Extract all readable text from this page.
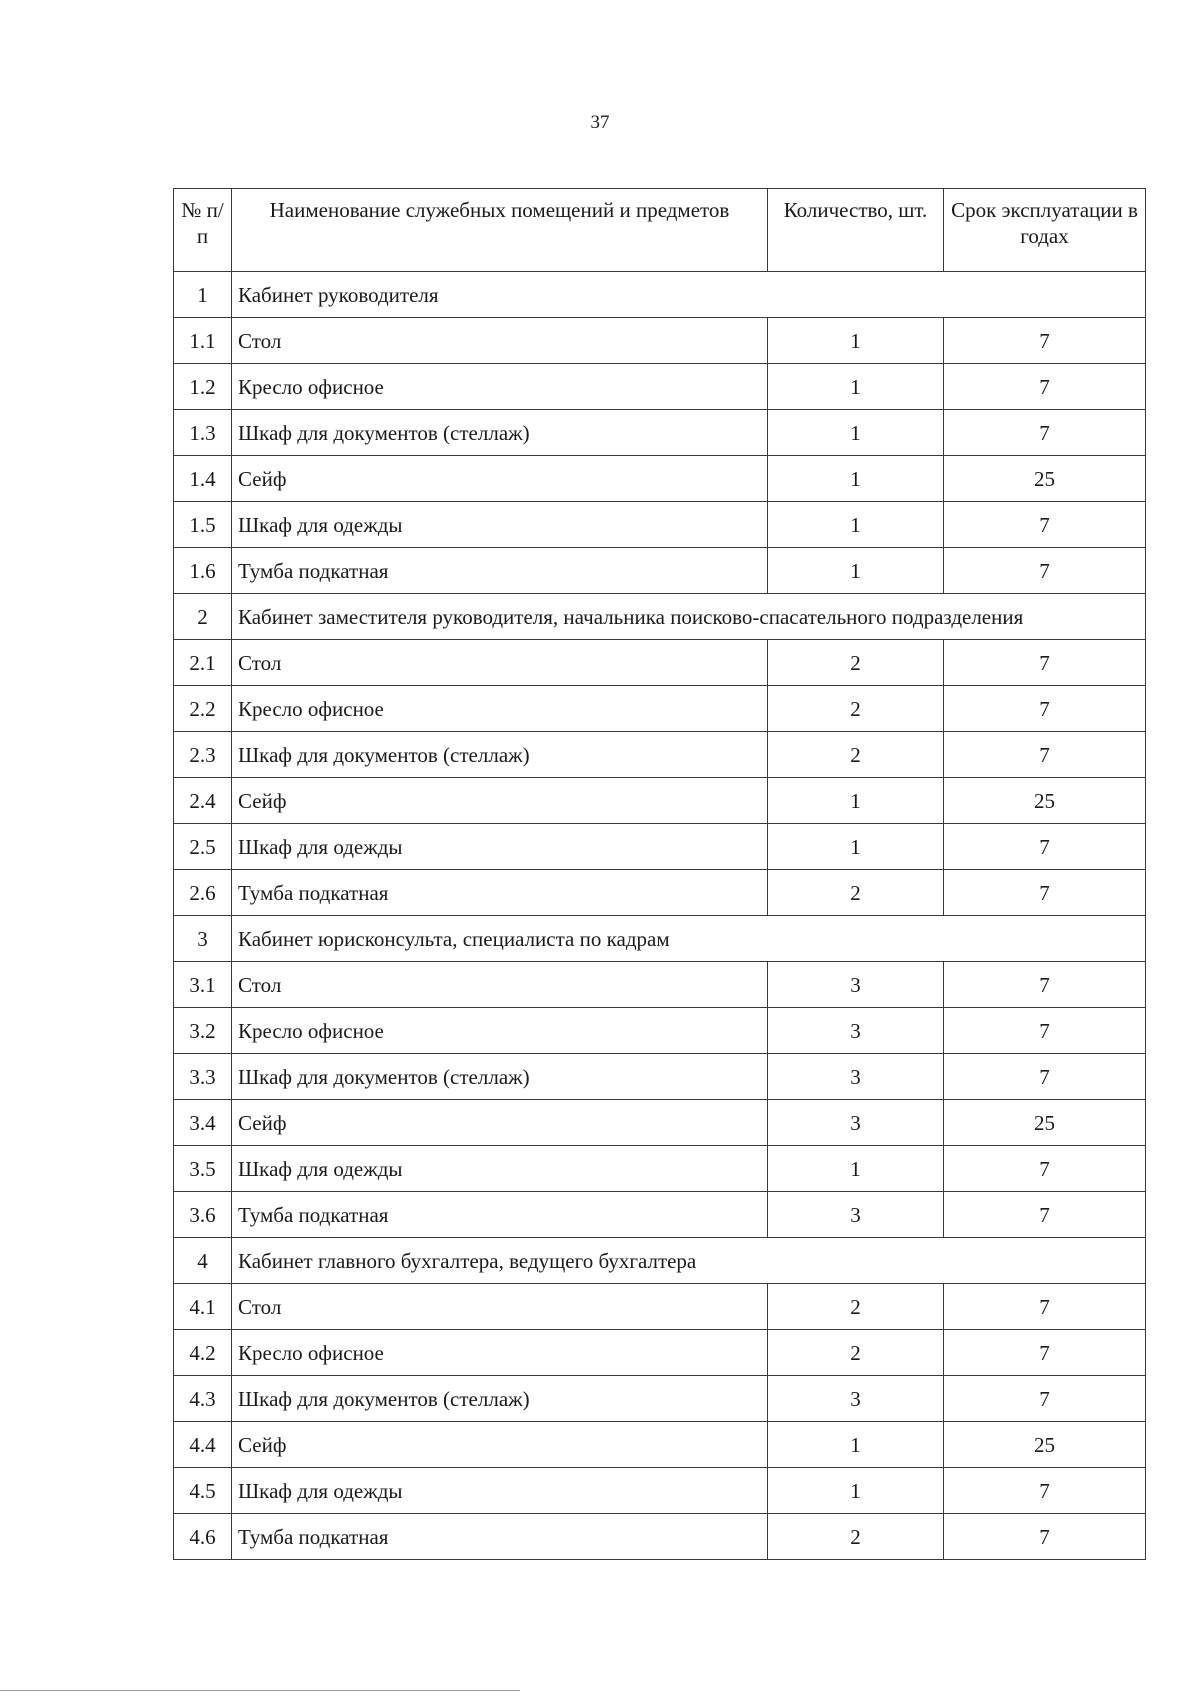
37
№ п/п	Наименование служебных помещений и предметов	Количество, шт.	Срок эксплуатации в годах
1	Кабинет руководителя		
1.1	Стол	1	7
1.2	Кресло офисное	1	7
1.3	Шкаф для документов (стеллаж)	1	7
1.4	Сейф	1	25
1.5	Шкаф для одежды	1	7
1.6	Тумба подкатная	1	7
2	Кабинет заместителя руководителя, начальника поисково-спасательного подразделения		
2.1	Стол	2	7
2.2	Кресло офисное	2	7
2.3	Шкаф для документов (стеллаж)	2	7
2.4	Сейф	1	25
2.5	Шкаф для одежды	1	7
2.6	Тумба подкатная	2	7
3	Кабинет юрисконсульта, специалиста по кадрам		
3.1	Стол	3	7
3.2	Кресло офисное	3	7
3.3	Шкаф для документов (стеллаж)	3	7
3.4	Сейф	3	25
3.5	Шкаф для одежды	1	7
3.6	Тумба подкатная	3	7
4	Кабинет главного бухгалтера, ведущего бухгалтера		
4.1	Стол	2	7
4.2	Кресло офисное	2	7
4.3	Шкаф для документов (стеллаж)	3	7
4.4	Сейф	1	25
4.5	Шкаф для одежды	1	7
4.6	Тумба подкатная	2	7
